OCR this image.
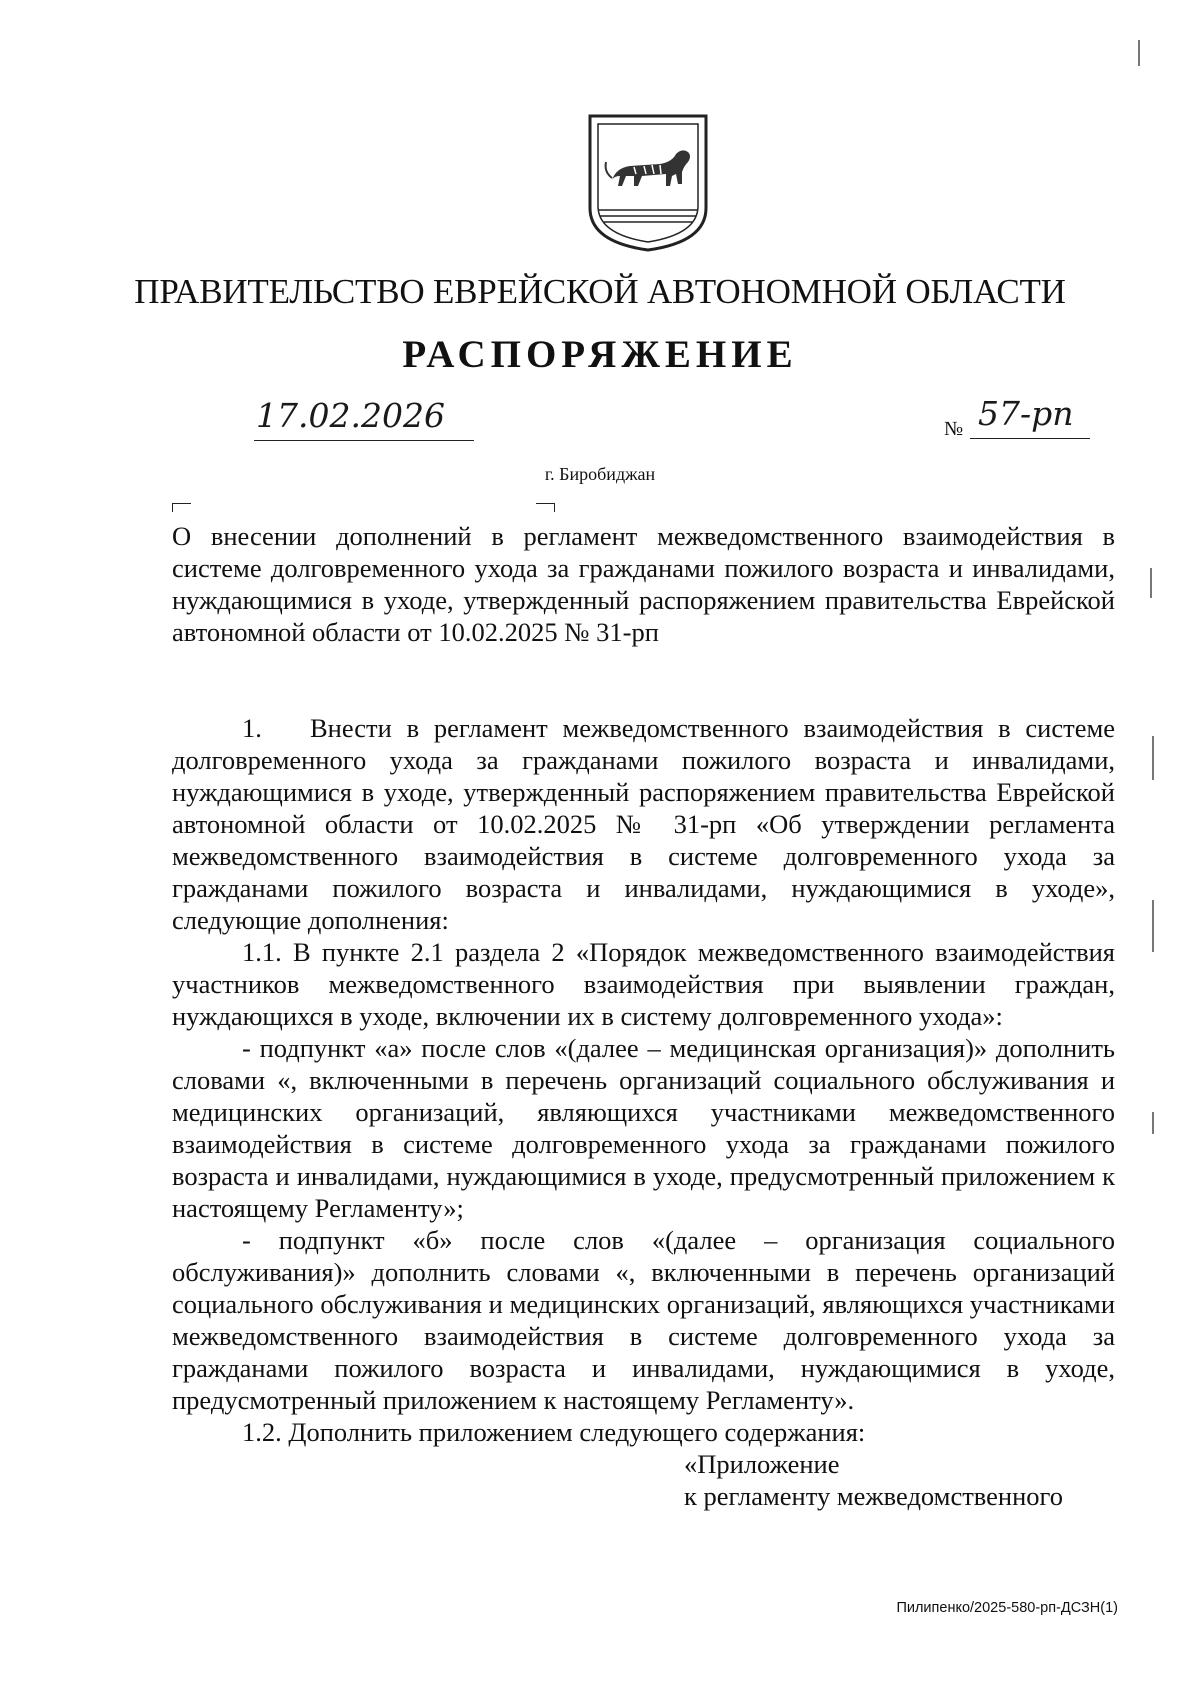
ПРАВИТЕЛЬСТВО ЕВРЕЙСКОЙ АВТОНОМНОЙ ОБЛАСТИ
РАСПОРЯЖЕНИЕ
17.02.2026	№ 57-рп
г. Биробиджан
О внесении дополнений в регламент межведомственного взаимодействия в системе долговременного ухода за гражданами пожилого возраста и инвалидами, нуждающимися в уходе, утвержденный распоряжением правительства Еврейской автономной области от 10.02.2025 № 31-рп

1. Внести в регламент межведомственного взаимодействия в системе долговременного ухода за гражданами пожилого возраста и инвалидами, нуждающимися в уходе, утвержденный распоряжением правительства Еврейской автономной области от 10.02.2025 № 31-рп «Об утверждении регламента межведомственного взаимодействия в системе долговременного ухода за гражданами пожилого возраста и инвалидами, нуждающимися в уходе», следующие дополнения:

1.1. В пункте 2.1 раздела 2 «Порядок межведомственного взаимодействия участников межведомственного взаимодействия при выявлении граждан, нуждающихся в уходе, включении их в систему долговременного ухода»:

- подпункт «а» после слов «(далее – медицинская организация)» дополнить словами «, включенными в перечень организаций социального обслуживания и медицинских организаций, являющихся участниками межведомственного взаимодействия в системе долговременного ухода за гражданами пожилого возраста и инвалидами, нуждающимися в уходе, предусмотренный приложением к настоящему Регламенту»;

- подпункт «б» после слов «(далее – организация социального обслуживания)» дополнить словами «, включенными в перечень организаций социального обслуживания и медицинских организаций, являющихся участниками межведомственного взаимодействия в системе долговременного ухода за гражданами пожилого возраста и инвалидами, нуждающимися в уходе, предусмотренный приложением к настоящему Регламенту».

1.2. Дополнить приложением следующего содержания:

«Приложение

к регламенту межведомственного

Пилипенко/2025-580-рп-ДСЗН(1)
